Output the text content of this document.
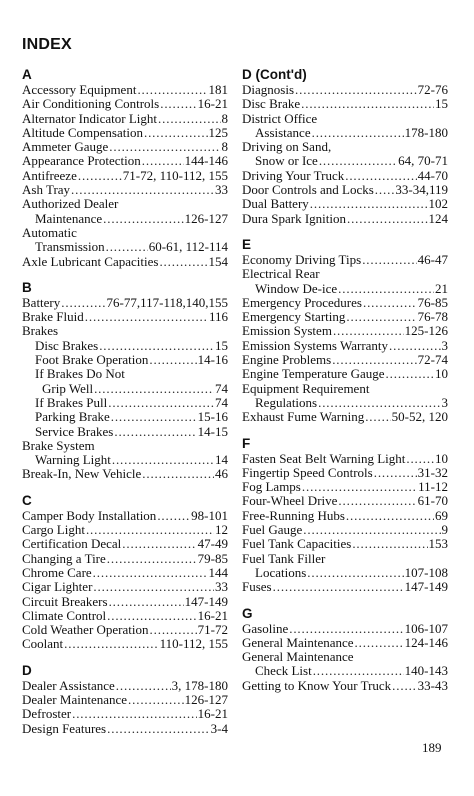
INDEX
A
Accessory Equipment . . .	181
Air Conditioning Controls . . .	16-21
Alternator Indicator Light . . .	8
Altitude Compensation . . .	125
Ammeter Gauge . . .	8
Appearance Protection . . .	144-146
Antifreeze . . .	71-72, 110-112, 155
Ash Tray . . .	33
Authorized Dealer
Maintenance . . .	126-127
Automatic
Transmission . . .	60-61, 112-114
Axle Lubricant Capacities . . .	154
B
Battery . . .	76-77,117-118,140,155
Brake Fluid . . .	116
Brakes
Disc Brakes . . .	15
Foot Brake Operation . . .	14-16
If Brakes Do Not
Grip Well . . .	74
If Brakes Pull . . .	74
Parking Brake . . .	15-16
Service Brakes . . .	14-15
Brake System
Warning Light . . .	14
Break-In, New Vehicle . . .	46
C
Camper Body Installation . . .	98-101
Cargo Light . . .	12
Certification Decal . . .	47-49
Changing a Tire . . .	79-85
Chrome Care . . .	144
Cigar Lighter . . .	33
Circuit Breakers . . .	147-149
Climate Control . . .	16-21
Cold Weather Operation . . .	71-72
Coolant . . .	110-112, 155
D
Dealer Assistance . . .	3, 178-180
Dealer Maintenance . . .	126-127
Defroster . . .	16-21
Design Features . . .	3-4
D (Cont'd)
Diagnosis . . .	72-76
Disc Brake . . .	15
District Office
Assistance . . .	178-180
Driving on Sand,
Snow or Ice . . .	64, 70-71
Driving Your Truck . . .	44-70
Door Controls and Locks . . . 33-34,119
Dual Battery . . .	102
Dura Spark Ignition . . .	124
E
Economy Driving Tips . . .	46-47
Electrical Rear
Window De-ice . . .	21
Emergency Procedures . . .	76-85
Emergency Starting . . .	76-78
Emission System . . .	125-126
Emission Systems Warranty . . .	3
Engine Problems . . .	72-74
Engine Temperature Gauge . . .	10
Equipment Requirement
Regulations . . .	3
Exhaust Fume Warning . . . 50-52, 120
F
Fasten Seat Belt Warning Light . . . 10
Fingertip Speed Controls . . .	31-32
Fog Lamps . . .	11-12
Four-Wheel Drive . . .	61-70
Free-Running Hubs . . .	69
Fuel Gauge . . .	9
Fuel Tank Capacities . . .	153
Fuel Tank Filler
Locations . . .	107-108
Fuses . . .	147-149
G
Gasoline . . .	106-107
General Maintenance . . .	124-146
General Maintenance
Check List . . .	140-143
Getting to Know Your Truck . . . 33-43
189
